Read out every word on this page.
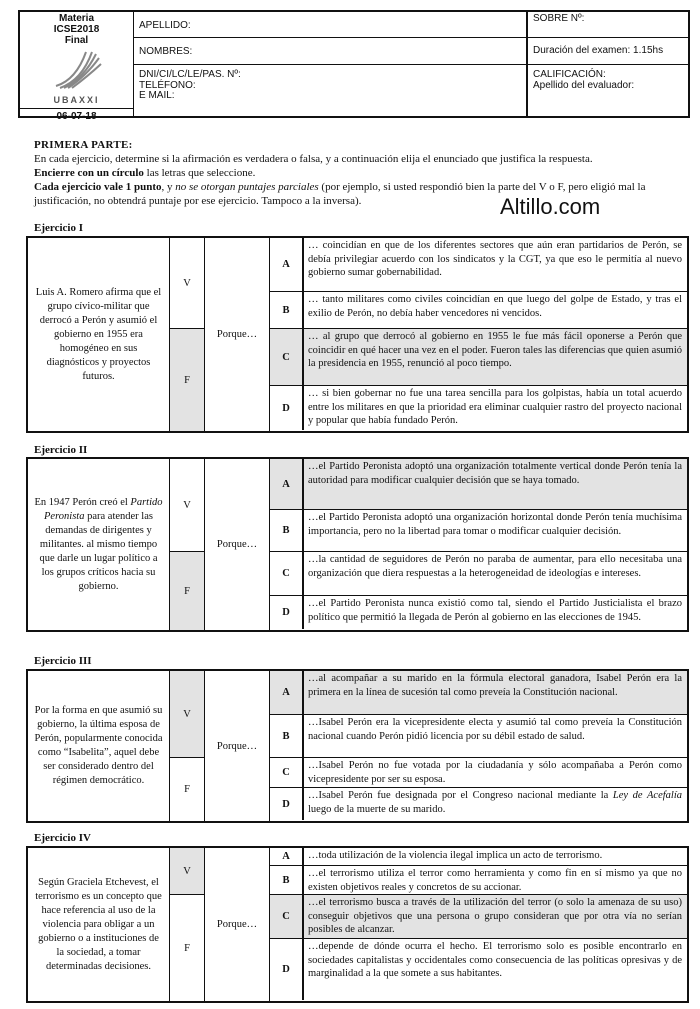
Materia
ICSE2018
Final
UBAXXI
06-07-18
APELLIDO:
NOMBRES:
DNI/CI/LC/LE/PAS. Nº:
TELÉFONO:
E MAIL:
SOBRE Nº:
Duración del examen: 1.15hs
CALIFICACIÓN:
Apellido del evaluador:
PRIMERA PARTE:
En cada ejercicio, determine si la afirmación es verdadera o falsa, y a continuación elija el enunciado que justifica la respuesta.
Encierre con un círculo las letras que seleccione.
Cada ejercicio vale 1 punto, y no se otorgan puntajes parciales (por ejemplo, si usted respondió bien la parte del V o F, pero eligió mal la justificación, no obtendrá puntaje por ese ejercicio. Tampoco a la inversa).	Altillo.com
Ejercicio I
Luis A. Romero afirma que el grupo cívico-militar que derrocó a Perón y asumió el gobierno en 1955 era homogéneo en sus diagnósticos y proyectos futuros.
V
F
Porque…
A
… coincidían en que de los diferentes sectores que aún eran partidarios de Perón, se debía privilegiar acuerdo con los sindicatos y la CGT, ya que eso le permitía al nuevo gobierno sumar gobernabilidad.
B
… tanto militares como civiles coincidían en que luego del golpe de Estado, y tras el exilio de Perón, no debía haber vencedores ni vencidos.
C
… al grupo que derrocó al gobierno en 1955 le fue más fácil oponerse a Perón que coincidir en qué hacer una vez en el poder. Fueron tales las diferencias que quien asumió la presidencia en 1955, renunció al poco tiempo.
D
… si bien gobernar no fue una tarea sencilla para los golpistas, había un total acuerdo entre los militares en que la prioridad era eliminar cualquier rastro del proyecto nacional y popular que había fundado Perón.
Ejercicio II
En 1947 Perón creó el Partido Peronista para atender las demandas de dirigentes y militantes. al mismo tiempo que darle un lugar político a los grupos críticos hacia su gobierno.
V
F
Porque…
A
…el Partido Peronista adoptó una organización totalmente vertical donde Perón tenía la autoridad para modificar cualquier decisión que se haya tomado.
B
…el Partido Peronista adoptó una organización horizontal donde Perón tenía muchísima importancia, pero no la libertad para tomar o modificar cualquier decisión.
C
…la cantidad de seguidores de Perón no paraba de aumentar, para ello necesitaba una organización que diera respuestas a la heterogeneidad de ideologías e intereses.
D
…el Partido Peronista nunca existió como tal, siendo el Partido Justicialista el brazo político que permitió la llegada de Perón al gobierno en las elecciones de 1945.
Ejercicio III
Por la forma en que asumió su gobierno, la última esposa de Perón, popularmente conocida como “Isabelita”, aquel debe ser considerado dentro del régimen democrático.
V
F
Porque…
A
…al acompañar a su marido en la fórmula electoral ganadora, Isabel Perón era la primera en la línea de sucesión tal como preveía la Constitución nacional.
B
…Isabel Perón era la vicepresidente electa y asumió tal como preveía la Constitución nacional cuando Perón pidió licencia por su débil estado de salud.
C
…Isabel Perón no fue votada por la ciudadanía y sólo acompañaba a Perón como vicepresidente por ser su esposa.
D
…Isabel Perón fue designada por el Congreso nacional mediante la Ley de Acefalía luego de la muerte de su marido.
Ejercicio IV
Según Graciela Etchevest, el terrorismo es un concepto que hace referencia al uso de la violencia para obligar a un gobierno o a instituciones de la sociedad, a tomar determinadas decisiones.
V
F
Porque…
A	…toda utilización de la violencia ilegal implica un acto de terrorismo.
B
…el terrorismo utiliza el terror como herramienta y como fin en sí mismo ya que no existen objetivos reales y concretos de su accionar.
C
…el terrorismo busca a través de la utilización del terror (o solo la amenaza de su uso) conseguir objetivos que una persona o grupo consideran que por otra vía no serían posibles de alcanzar.
D
…depende de dónde ocurra el hecho. El terrorismo solo es posible encontrarlo en sociedades capitalistas y occidentales como consecuencia de las políticas opresivas y de marginalidad a la que somete a sus habitantes.
